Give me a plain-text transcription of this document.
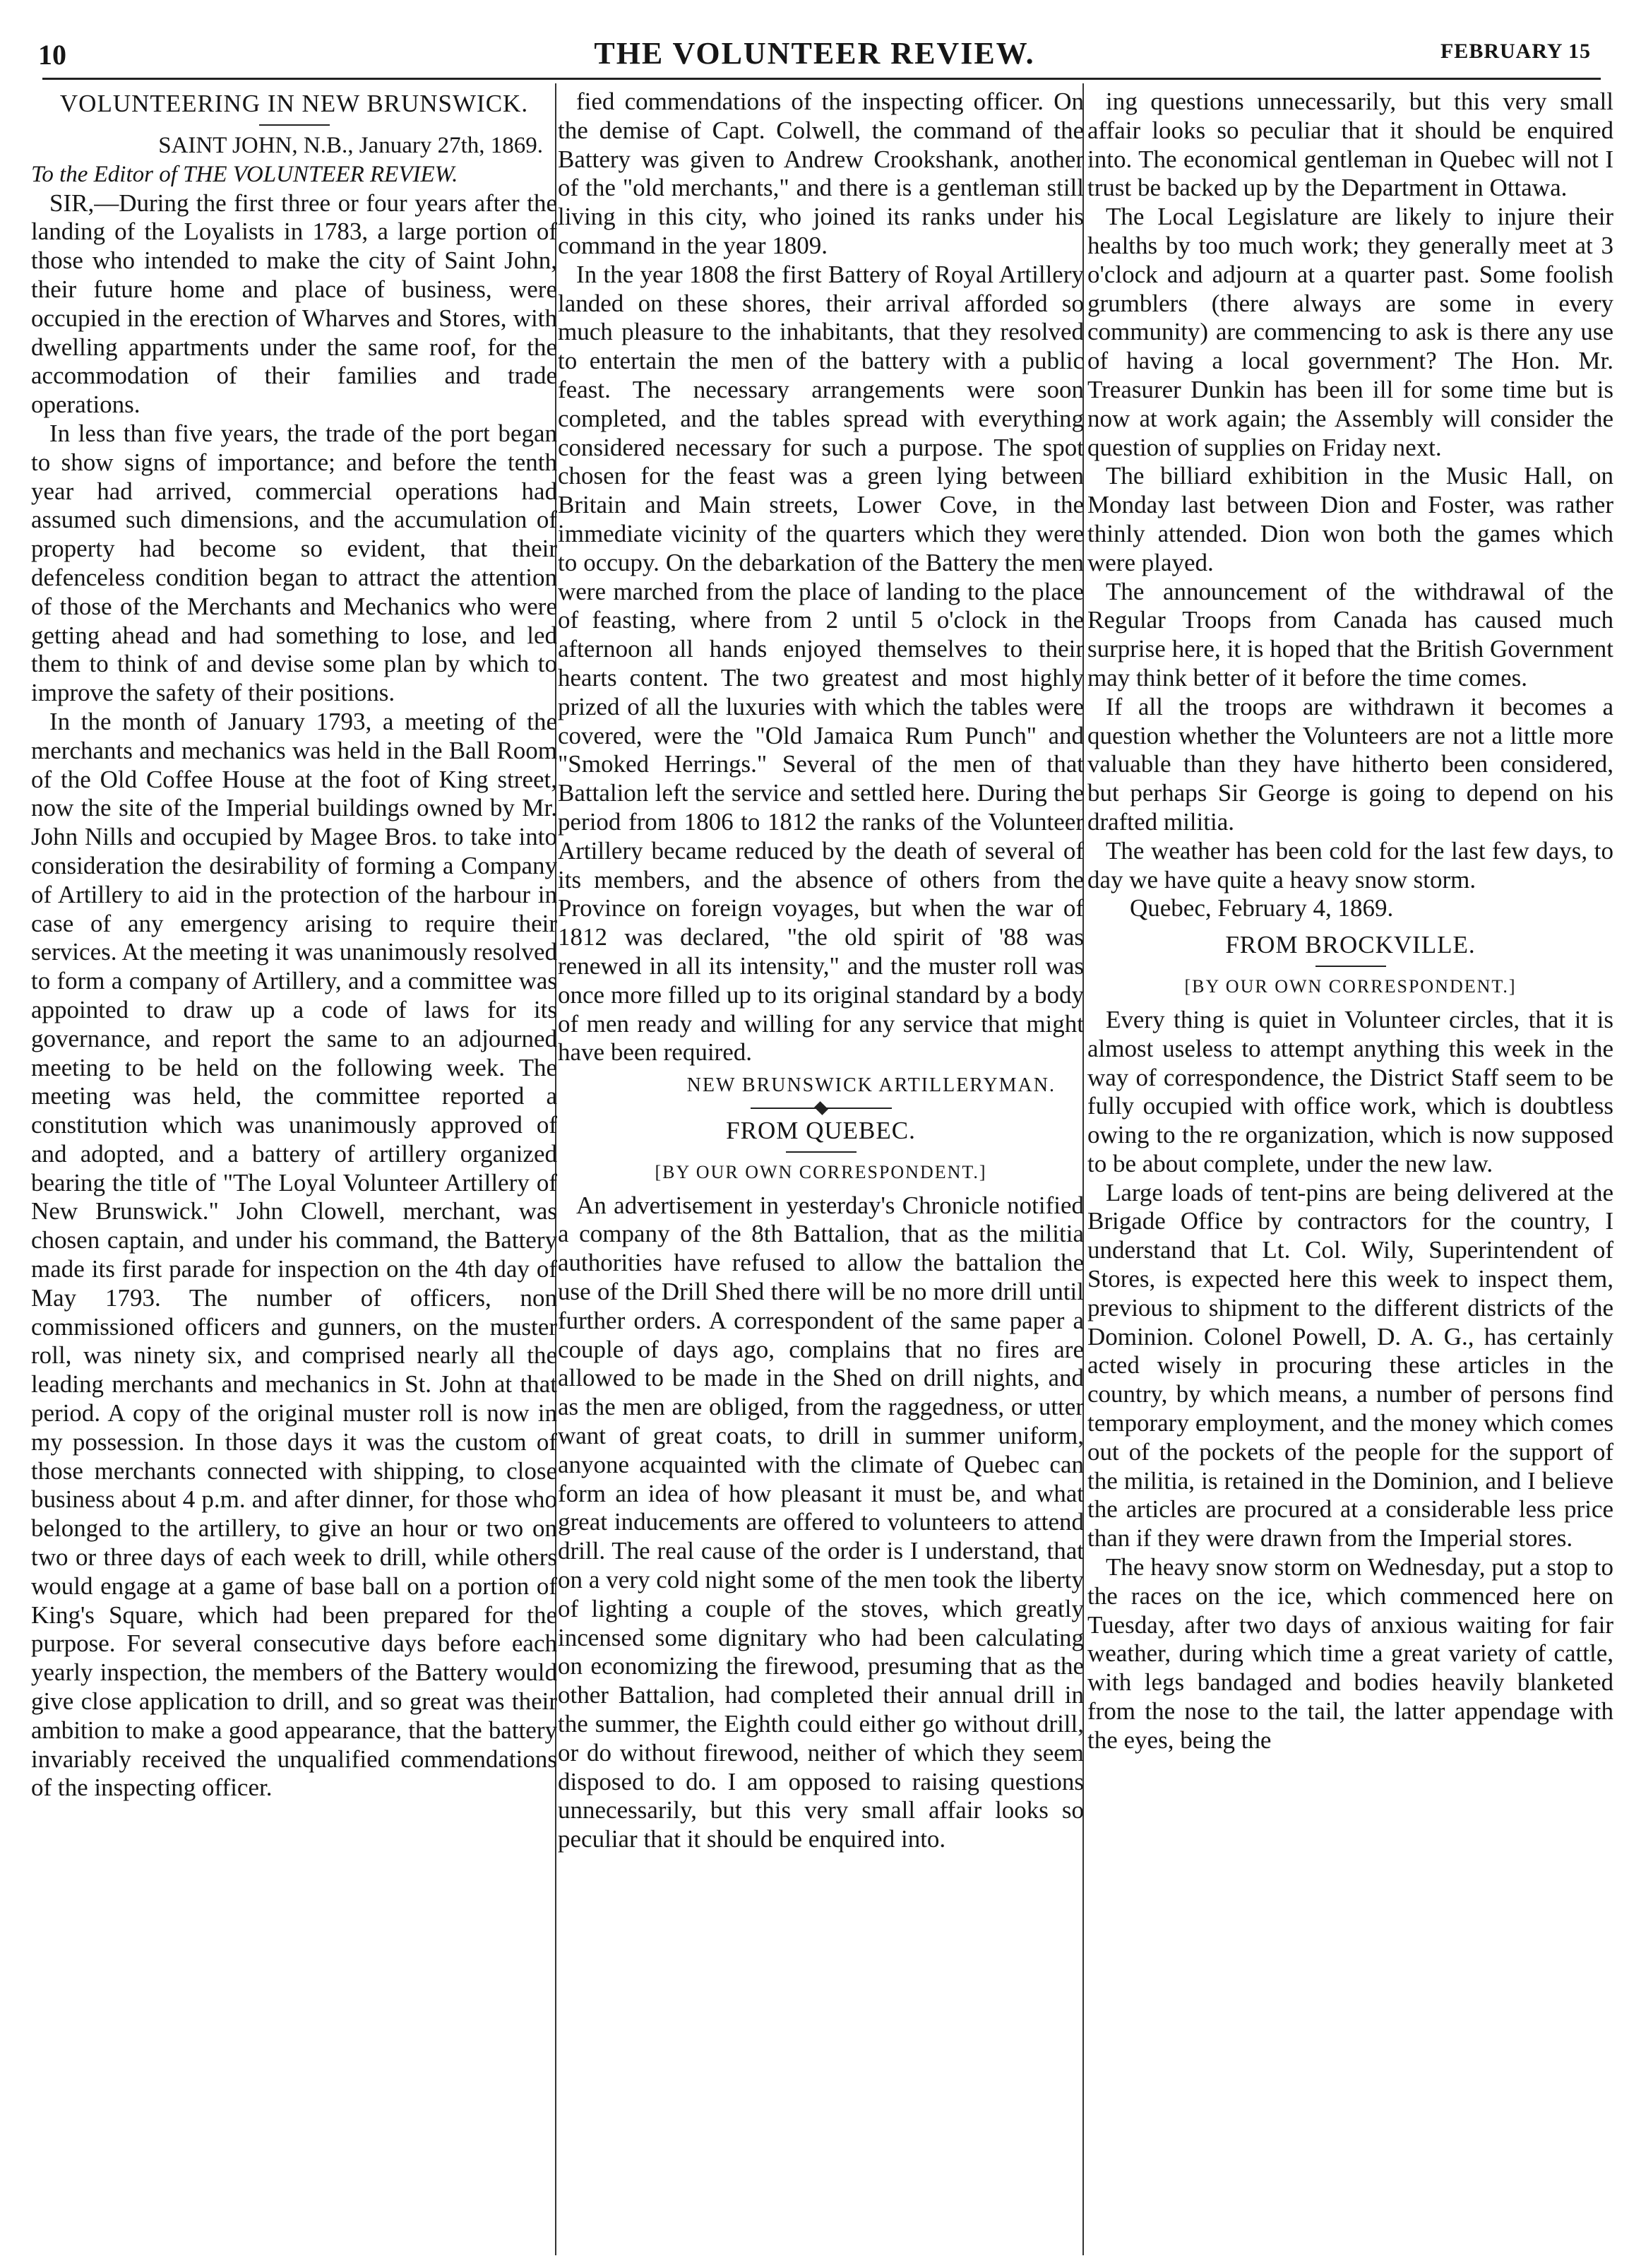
10	THE VOLUNTEER REVIEW.	FEBRUARY 15
VOLUNTEERING IN NEW BRUNSWICK.

SAINT JOHN, N.B., January 27th, 1869.

To the Editor of THE VOLUNTEER REVIEW.

SIR,—During the first three or four years after the landing of the Loyalists in 1783, a large portion of those who intended to make the city of Saint John, their future home and place of business, were occupied in the erection of Wharves and Stores, with dwelling appartments under the same roof, for the accommodation of their families and trade operations.

In less than five years, the trade of the port began to show signs of importance; and before the tenth year had arrived, commercial operations had assumed such dimensions, and the accumulation of property had become so evident, that their defenceless condition began to attract the attention of those of the Merchants and Mechanics who were getting ahead and had something to lose, and led them to think of and devise some plan by which to improve the safety of their positions.

In the month of January 1793, a meeting of the merchants and mechanics was held in the Ball Room of the Old Coffee House at the foot of King street, now the site of the Imperial buildings owned by Mr. John Nills and occupied by Magee Bros. to take into consideration the desirability of forming a Company of Artillery to aid in the protection of the harbour in case of any emergency arising to require their services. At the meeting it was unanimously resolved to form a company of Artillery, and a committee was appointed to draw up a code of laws for its governance, and report the same to an adjourned meeting to be held on the following week. The meeting was held, the committee reported a constitution which was unanimously approved of and adopted, and a battery of artillery organized bearing the title of "The Loyal Volunteer Artillery of New Brunswick." John Clowell, merchant, was chosen captain, and under his command, the Battery made its first parade for inspection on the 4th day of May 1793. The number of officers, non commissioned officers and gunners, on the muster roll, was ninety six, and comprised nearly all the leading merchants and mechanics in St. John at that period. A copy of the original muster roll is now in my possession. In those days it was the custom of those merchants connected with shipping, to close business about 4 p.m. and after dinner, for those who belonged to the artillery, to give an hour or two on two or three days of each week to drill, while others would engage at a game of base ball on a portion of King's Square, which had been prepared for the purpose. For several consecutive days before each yearly inspection, the members of the Battery would give close application to drill, and so great was their ambition to make a good appearance, that the battery invariably received the unqualified commendations of the inspecting officer.

fied commendations of the inspecting officer. On the demise of Capt. Colwell, the command of the Battery was given to Andrew Crookshank, another of the "old merchants," and there is a gentleman still living in this city, who joined its ranks under his command in the year 1809.

In the year 1808 the first Battery of Royal Artillery landed on these shores, their arrival afforded so much pleasure to the inhabitants, that they resolved to entertain the men of the battery with a public feast. The necessary arrangements were soon completed, and the tables spread with everything considered necessary for such a purpose. The spot chosen for the feast was a green lying between Britain and Main streets, Lower Cove, in the immediate vicinity of the quarters which they were to occupy. On the debarkation of the Battery the men were marched from the place of landing to the place of feasting, where from 2 until 5 o'clock in the afternoon all hands enjoyed themselves to their hearts content. The two greatest and most highly prized of all the luxuries with which the tables were covered, were the "Old Jamaica Rum Punch" and "Smoked Herrings." Several of the men of that Battalion left the service and settled here. During the period from 1806 to 1812 the ranks of the Volunteer Artillery became reduced by the death of several of its members, and the absence of others from the Province on foreign voyages, but when the war of 1812 was declared, "the old spirit of '88 was renewed in all its intensity," and the muster roll was once more filled up to its original standard by a body of men ready and willing for any service that might have been required.

NEW BRUNSWICK ARTILLERYMAN.

FROM QUEBEC.

[BY OUR OWN CORRESPONDENT.]

An advertisement in yesterday's Chronicle notified a company of the 8th Battalion, that as the militia authorities have refused to allow the battalion the use of the Drill Shed there will be no more drill until further orders. A correspondent of the same paper a couple of days ago, complains that no fires are allowed to be made in the Shed on drill nights, and as the men are obliged, from the raggedness, or utter want of great coats, to drill in summer uniform, anyone acquainted with the climate of Quebec can form an idea of how pleasant it must be, and what great inducements are offered to volunteers to attend drill. The real cause of the order is I understand, that on a very cold night some of the men took the liberty of lighting a couple of the stoves, which greatly incensed some dignitary who had been calculating on economizing the firewood, presuming that as the other Battalion, had completed their annual drill in the summer, the Eighth could either go without drill, or do without firewood, neither of which they seem disposed to do. I am opposed to raising questions unnecessarily, but this very small affair looks so peculiar that it should be enquired into.

ing questions unnecessarily, but this very small affair looks so peculiar that it should be enquired into. The economical gentleman in Quebec will not I trust be backed up by the Department in Ottawa.

The Local Legislature are likely to injure their healths by too much work; they generally meet at 3 o'clock and adjourn at a quarter past. Some foolish grumblers (there always are some in every community) are commencing to ask is there any use of having a local government? The Hon. Mr. Treasurer Dunkin has been ill for some time but is now at work again; the Assembly will consider the question of supplies on Friday next.

The billiard exhibition in the Music Hall, on Monday last between Dion and Foster, was rather thinly attended. Dion won both the games which were played.

The announcement of the withdrawal of the Regular Troops from Canada has caused much surprise here, it is hoped that the British Government may think better of it before the time comes.

If all the troops are withdrawn it becomes a question whether the Volunteers are not a little more valuable than they have hitherto been considered, but perhaps Sir George is going to depend on his drafted militia.

The weather has been cold for the last few days, to day we have quite a heavy snow storm.

Quebec, February 4, 1869.

FROM BROCKVILLE.

[BY OUR OWN CORRESPONDENT.]

Every thing is quiet in Volunteer circles, that it is almost useless to attempt anything this week in the way of correspondence, the District Staff seem to be fully occupied with office work, which is doubtless owing to the re organization, which is now supposed to be about complete, under the new law.

Large loads of tent-pins are being delivered at the Brigade Office by contractors for the country, I understand that Lt. Col. Wily, Superintendent of Stores, is expected here this week to inspect them, previous to shipment to the different districts of the Dominion. Colonel Powell, D. A. G., has certainly acted wisely in procuring these articles in the country, by which means, a number of persons find temporary employment, and the money which comes out of the pockets of the people for the support of the militia, is retained in the Dominion, and I believe the articles are procured at a considerable less price than if they were drawn from the Imperial stores.

The heavy snow storm on Wednesday, put a stop to the races on the ice, which commenced here on Tuesday, after two days of anxious waiting for fair weather, during which time a great variety of cattle, with legs bandaged and bodies heavily blanketed from the nose to the tail, the latter appendage with the eyes, being the
